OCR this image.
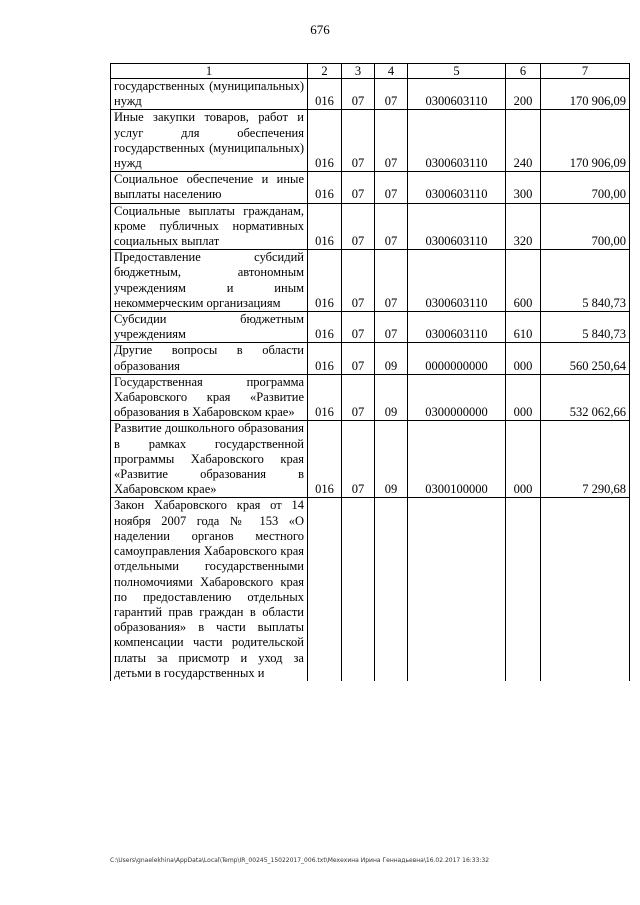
676
1	2	3	4	5	6	7

государственных (муниципальных) нужд	016	07	07	0300603110	200	170 906,09

Иные закупки товаров, работ и услуг для обеспечения государственных (муниципальных) нужд	016	07	07	0300603110	240	170 906,09

Социальное обеспечение и иные выплаты населению	016	07	07	0300603110	300	700,00

Социальные выплаты гражданам, кроме публичных нормативных социальных выплат	016	07	07	0300603110	320	700,00

Предоставление субсидий бюджетным, автономным учреждениям и иным некоммерческим организациям	016	07	07	0300603110	600	5 840,73

Субсидии бюджетным учреждениям	016	07	07	0300603110	610	5 840,73

Другие вопросы в области образования	016	07	09	0000000000	000	560 250,64

Государственная программа Хабаровского края «Развитие образования в Хабаровском крае»	016	07	09	0300000000	000	532 062,66

Развитие дошкольного образования в рамках государственной программы Хабаровского края «Развитие образования в Хабаровском крае»	016	07	09	0300100000	000	7 290,68

Закон Хабаровского края от 14 ноября 2007 года № 153 «О наделении органов местного самоуправления Хабаровского края отдельными государственными полномочиями Хабаровского края по предоставлению отдельных гарантий прав граждан в области образования» в части выплаты компенсации части родительской платы за присмотр и уход за детьми в государственных и						

C:\Users\gnaelekhina\AppData\Local\Temp\IR_00245_15022017_006.txt\Мехехина Ирина Геннадьевна\16.02.2017 16:33:32
